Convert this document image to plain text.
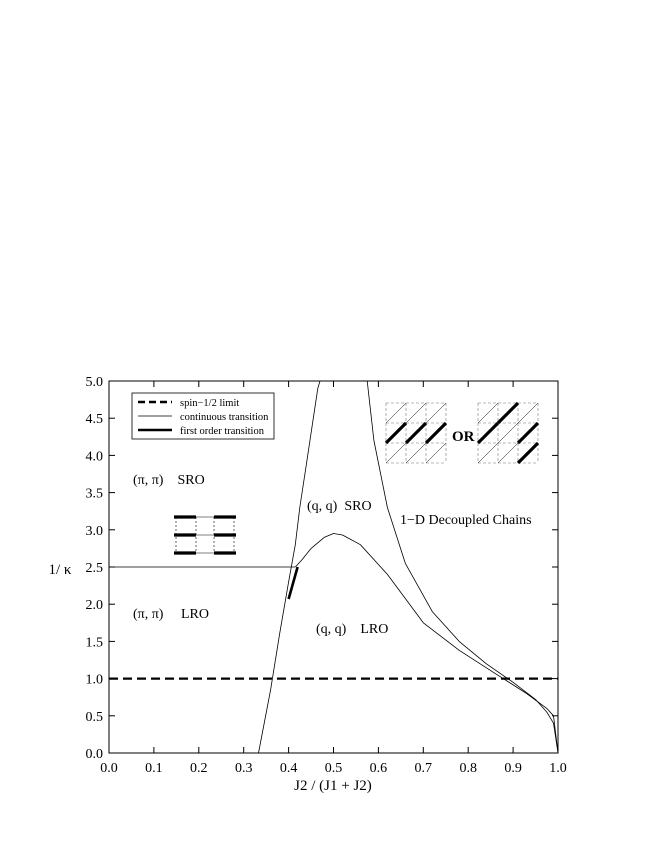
0.0 0.1 0.2 0.3 0.4 0.5 0.6 0.7 0.8 0.9 1.0
0.0
0.5
1.0
1.5
2.0
2.5
3.0
3.5
4.0
4.5
5.0
J2 / (J1 + J2)
1/ κ
spin−1/2 limit
continuous transition
first order transition
(π, π)    SRO
(π, π)     LRO
(q, q)  SRO
(q, q)    LRO
1−D Decoupled Chains
OR
